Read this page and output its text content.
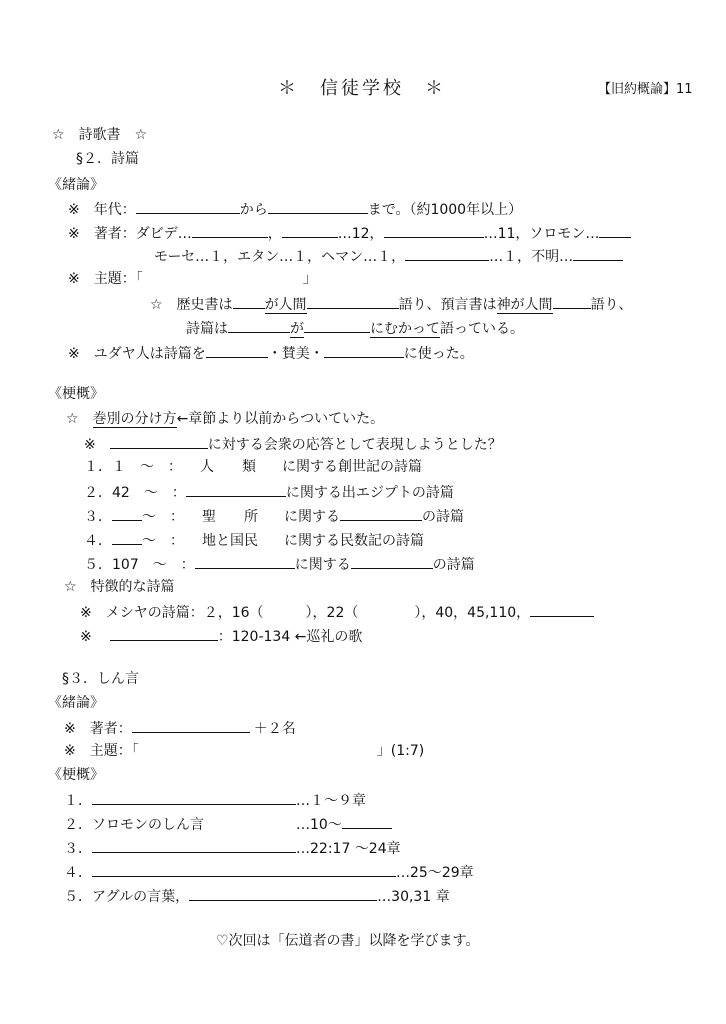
＊　信徒学校　＊	【旧約概論】11
☆　詩歌書　☆
§２．詩篇
《緒論》
※　年代：	から	まで。（約1000年以上）
※　著者：ダビデ…	，	…12，	…11，ソロモン…
モーセ…１，エタン…１，ヘマン…１，	…１，不明…
※　主題：「	」
☆　歴史書は が人間	語り、預言書は神が人間	語り、
詩篇は	が	にむかって語っている。
※　ユダヤ人は詩篇を	・賛美・	に使った。
《梗概》
☆　巻別の分け方←章節より以前からついていた。
※	に対する会衆の応答として表現しようとした？
１．１　～　： 人　　類 に関する創世記の詩篇
２．42　～　：	に関する出エジプトの詩篇
３． ～　： 聖　　所 に関する	の詩篇
４． ～　： 地と国民 に関する民数記の詩篇
５．107　～　：	に関する	の詩篇
☆　特徴的な詩篇
※　メシヤの詩篇：２，16（　　　），22（　　　　），40，45,110，
※	：120-134 ←巡礼の歌
§３．しん言
《緒論》
※　著者：	＋２名
※　主題：「	」(1:7)
《梗概》
１．	…１～９章
２．ソロモンのしん言	…10～
３．	…22:17 ～24章
４．	…25～29章
５．アグルの言葉，	…30,31 章
♡次回は「伝道者の書」以降を学びます。
